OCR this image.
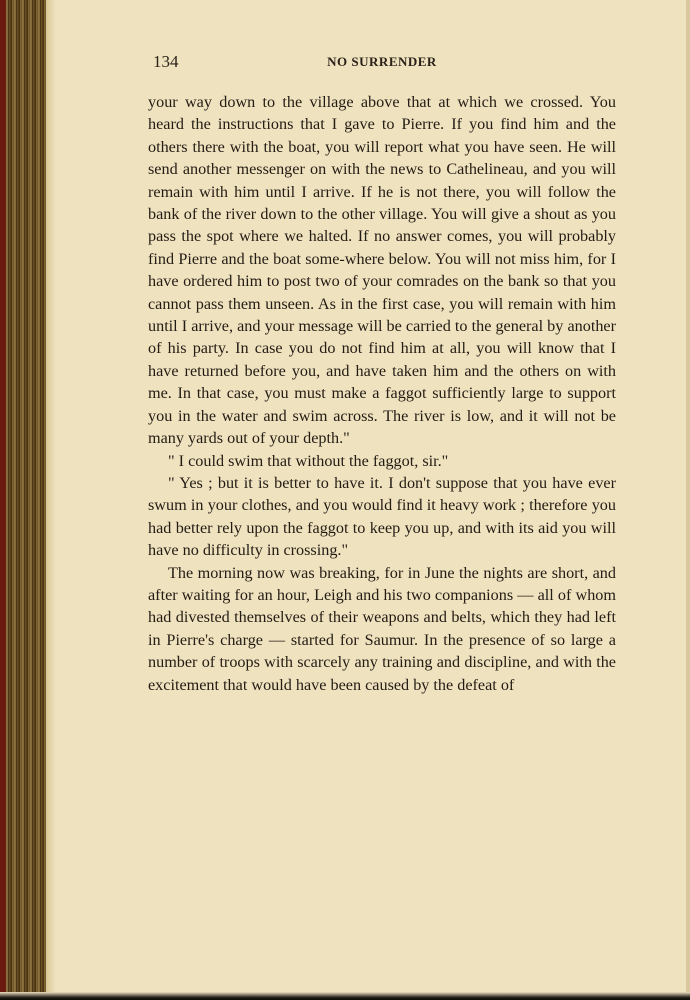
134	NO SURRENDER

your way down to the village above that at which we crossed. You heard the instructions that I gave to Pierre. If you find him and the others there with the boat, you will report what you have seen. He will send another messenger on with the news to Cathelineau, and you will remain with him until I arrive. If he is not there, you will follow the bank of the river down to the other village. You will give a shout as you pass the spot where we halted. If no answer comes, you will probably find Pierre and the boat some-where below. You will not miss him, for I have ordered him to post two of your comrades on the bank so that you cannot pass them unseen. As in the first case, you will remain with him until I arrive, and your message will be carried to the general by another of his party. In case you do not find him at all, you will know that I have returned before you, and have taken him and the others on with me. In that case, you must make a faggot sufficiently large to support you in the water and swim across. The river is low, and it will not be many yards out of your depth."

" I could swim that without the faggot, sir."

" Yes ; but it is better to have it. I don't suppose that you have ever swum in your clothes, and you would find it heavy work ; therefore you had better rely upon the faggot to keep you up, and with its aid you will have no difficulty in crossing."

The morning now was breaking, for in June the nights are short, and after waiting for an hour, Leigh and his two companions — all of whom had divested themselves of their weapons and belts, which they had left in Pierre's charge — started for Saumur. In the presence of so large a number of troops with scarcely any training and discipline, and with the excitement that would have been caused by the defeat of
